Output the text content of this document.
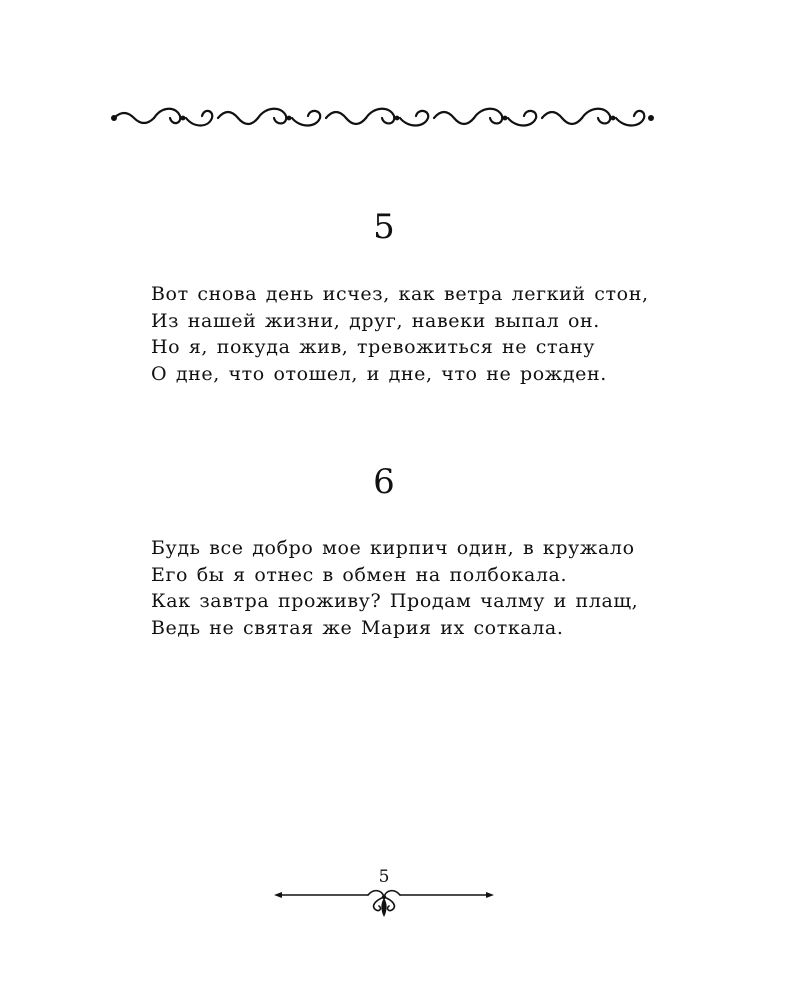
5
Вот снова день исчез, как ветра легкий стон,
Из нашей жизни, друг, навеки выпал он.
Но я, покуда жив, тревожиться не стану
О дне, что отошел, и дне, что не рожден.
6
Будь все добро мое кирпич один, в кружало
Его бы я отнес в обмен на полбокала.
Как завтра проживу? Продам чалму и плащ,
Ведь не святая же Мария их соткала.
5
